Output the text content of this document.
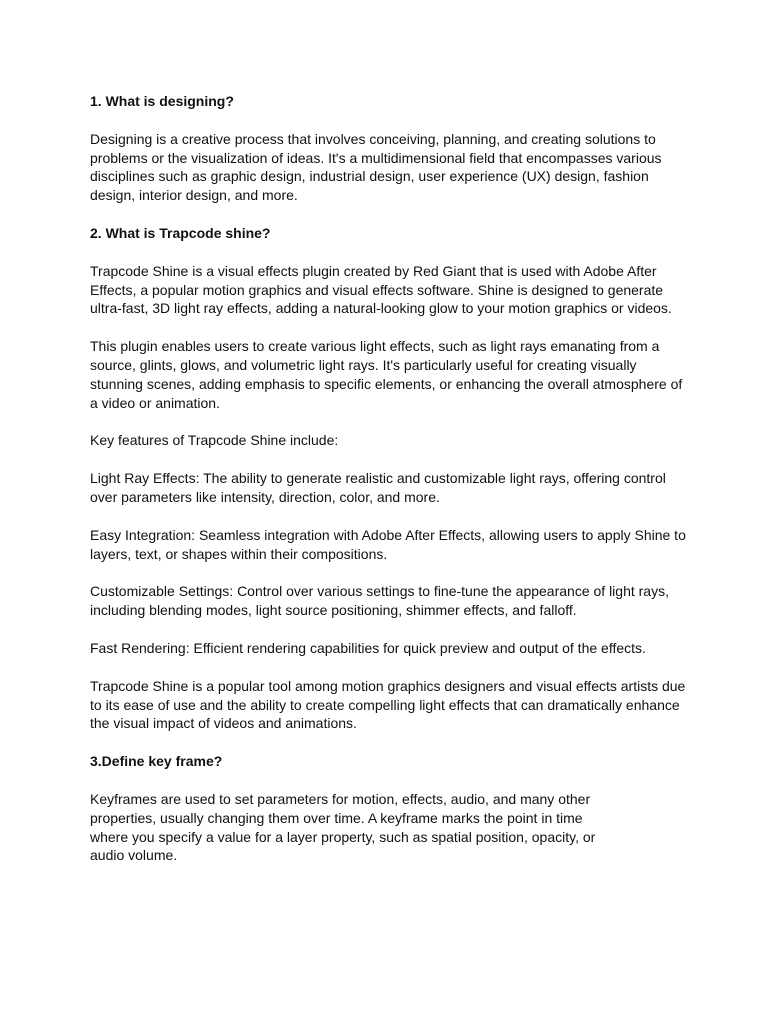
1. What is designing?

Designing is a creative process that involves conceiving, planning, and creating solutions to problems or the visualization of ideas. It's a multidimensional field that encompasses various disciplines such as graphic design, industrial design, user experience (UX) design, fashion design, interior design, and more.

2. What is Trapcode shine?

Trapcode Shine is a visual effects plugin created by Red Giant that is used with Adobe After Effects, a popular motion graphics and visual effects software. Shine is designed to generate ultra-fast, 3D light ray effects, adding a natural-looking glow to your motion graphics or videos.

This plugin enables users to create various light effects, such as light rays emanating from a source, glints, glows, and volumetric light rays. It's particularly useful for creating visually stunning scenes, adding emphasis to specific elements, or enhancing the overall atmosphere of a video or animation.

Key features of Trapcode Shine include:

Light Ray Effects: The ability to generate realistic and customizable light rays, offering control over parameters like intensity, direction, color, and more.

Easy Integration: Seamless integration with Adobe After Effects, allowing users to apply Shine to layers, text, or shapes within their compositions.

Customizable Settings: Control over various settings to fine-tune the appearance of light rays, including blending modes, light source positioning, shimmer effects, and falloff.

Fast Rendering: Efficient rendering capabilities for quick preview and output of the effects.

Trapcode Shine is a popular tool among motion graphics designers and visual effects artists due to its ease of use and the ability to create compelling light effects that can dramatically enhance the visual impact of videos and animations.

3.Define key frame?

Keyframes are used to set parameters for motion, effects, audio, and many other properties, usually changing them over time. A keyframe marks the point in time where you specify a value for a layer property, such as spatial position, opacity, or audio volume.
